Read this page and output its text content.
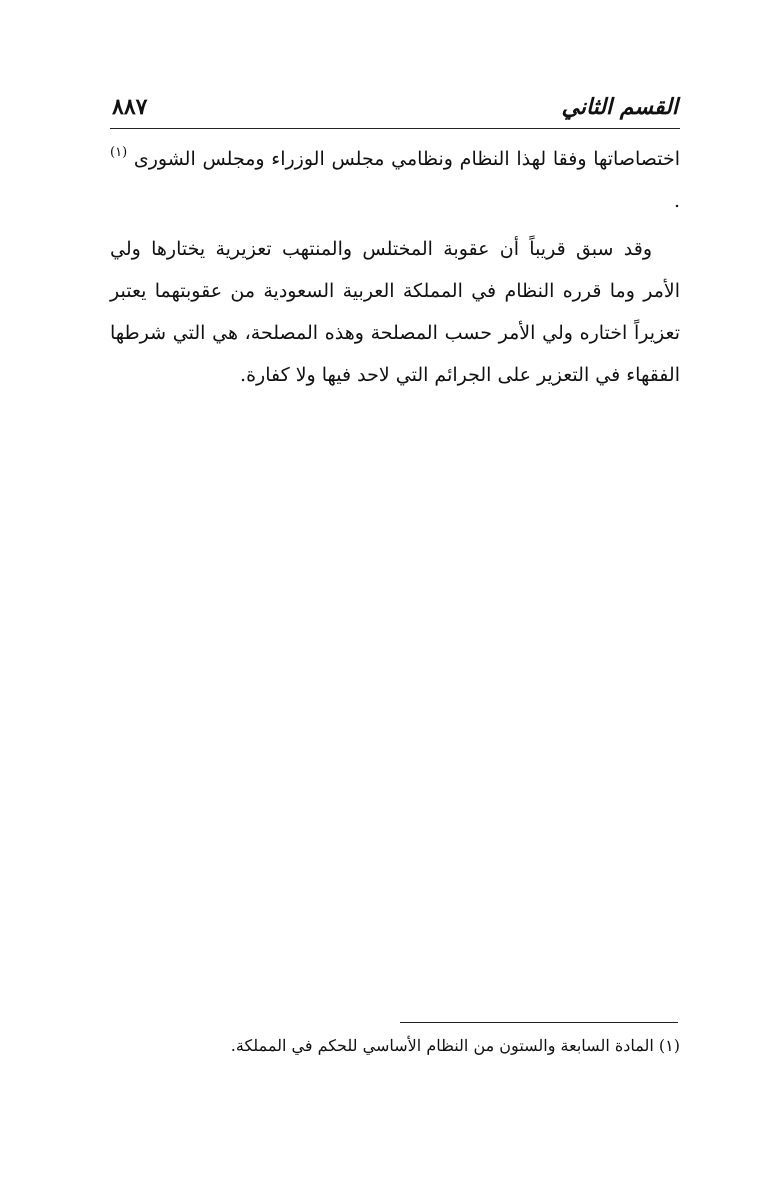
القسم الثاني
٨٨٧

اختصاصاتها وفقا لهذا النظام ونظامي مجلس الوزراء ومجلس الشورى $^{(١)}$ .

وقد سبق قريباً أن عقوبة المختلس والمنتهب تعزيرية يختارها ولي الأمر وما قرره النظام في المملكة العربية السعودية من عقوبتهما يعتبر تعزيراً اختاره ولي الأمر حسب المصلحة وهذه المصلحة، هي التي شرطها الفقهاء في التعزير على الجرائم التي لاحد فيها ولا كفارة.

(١) المادة السابعة والستون من النظام الأساسي للحكم في المملكة.
